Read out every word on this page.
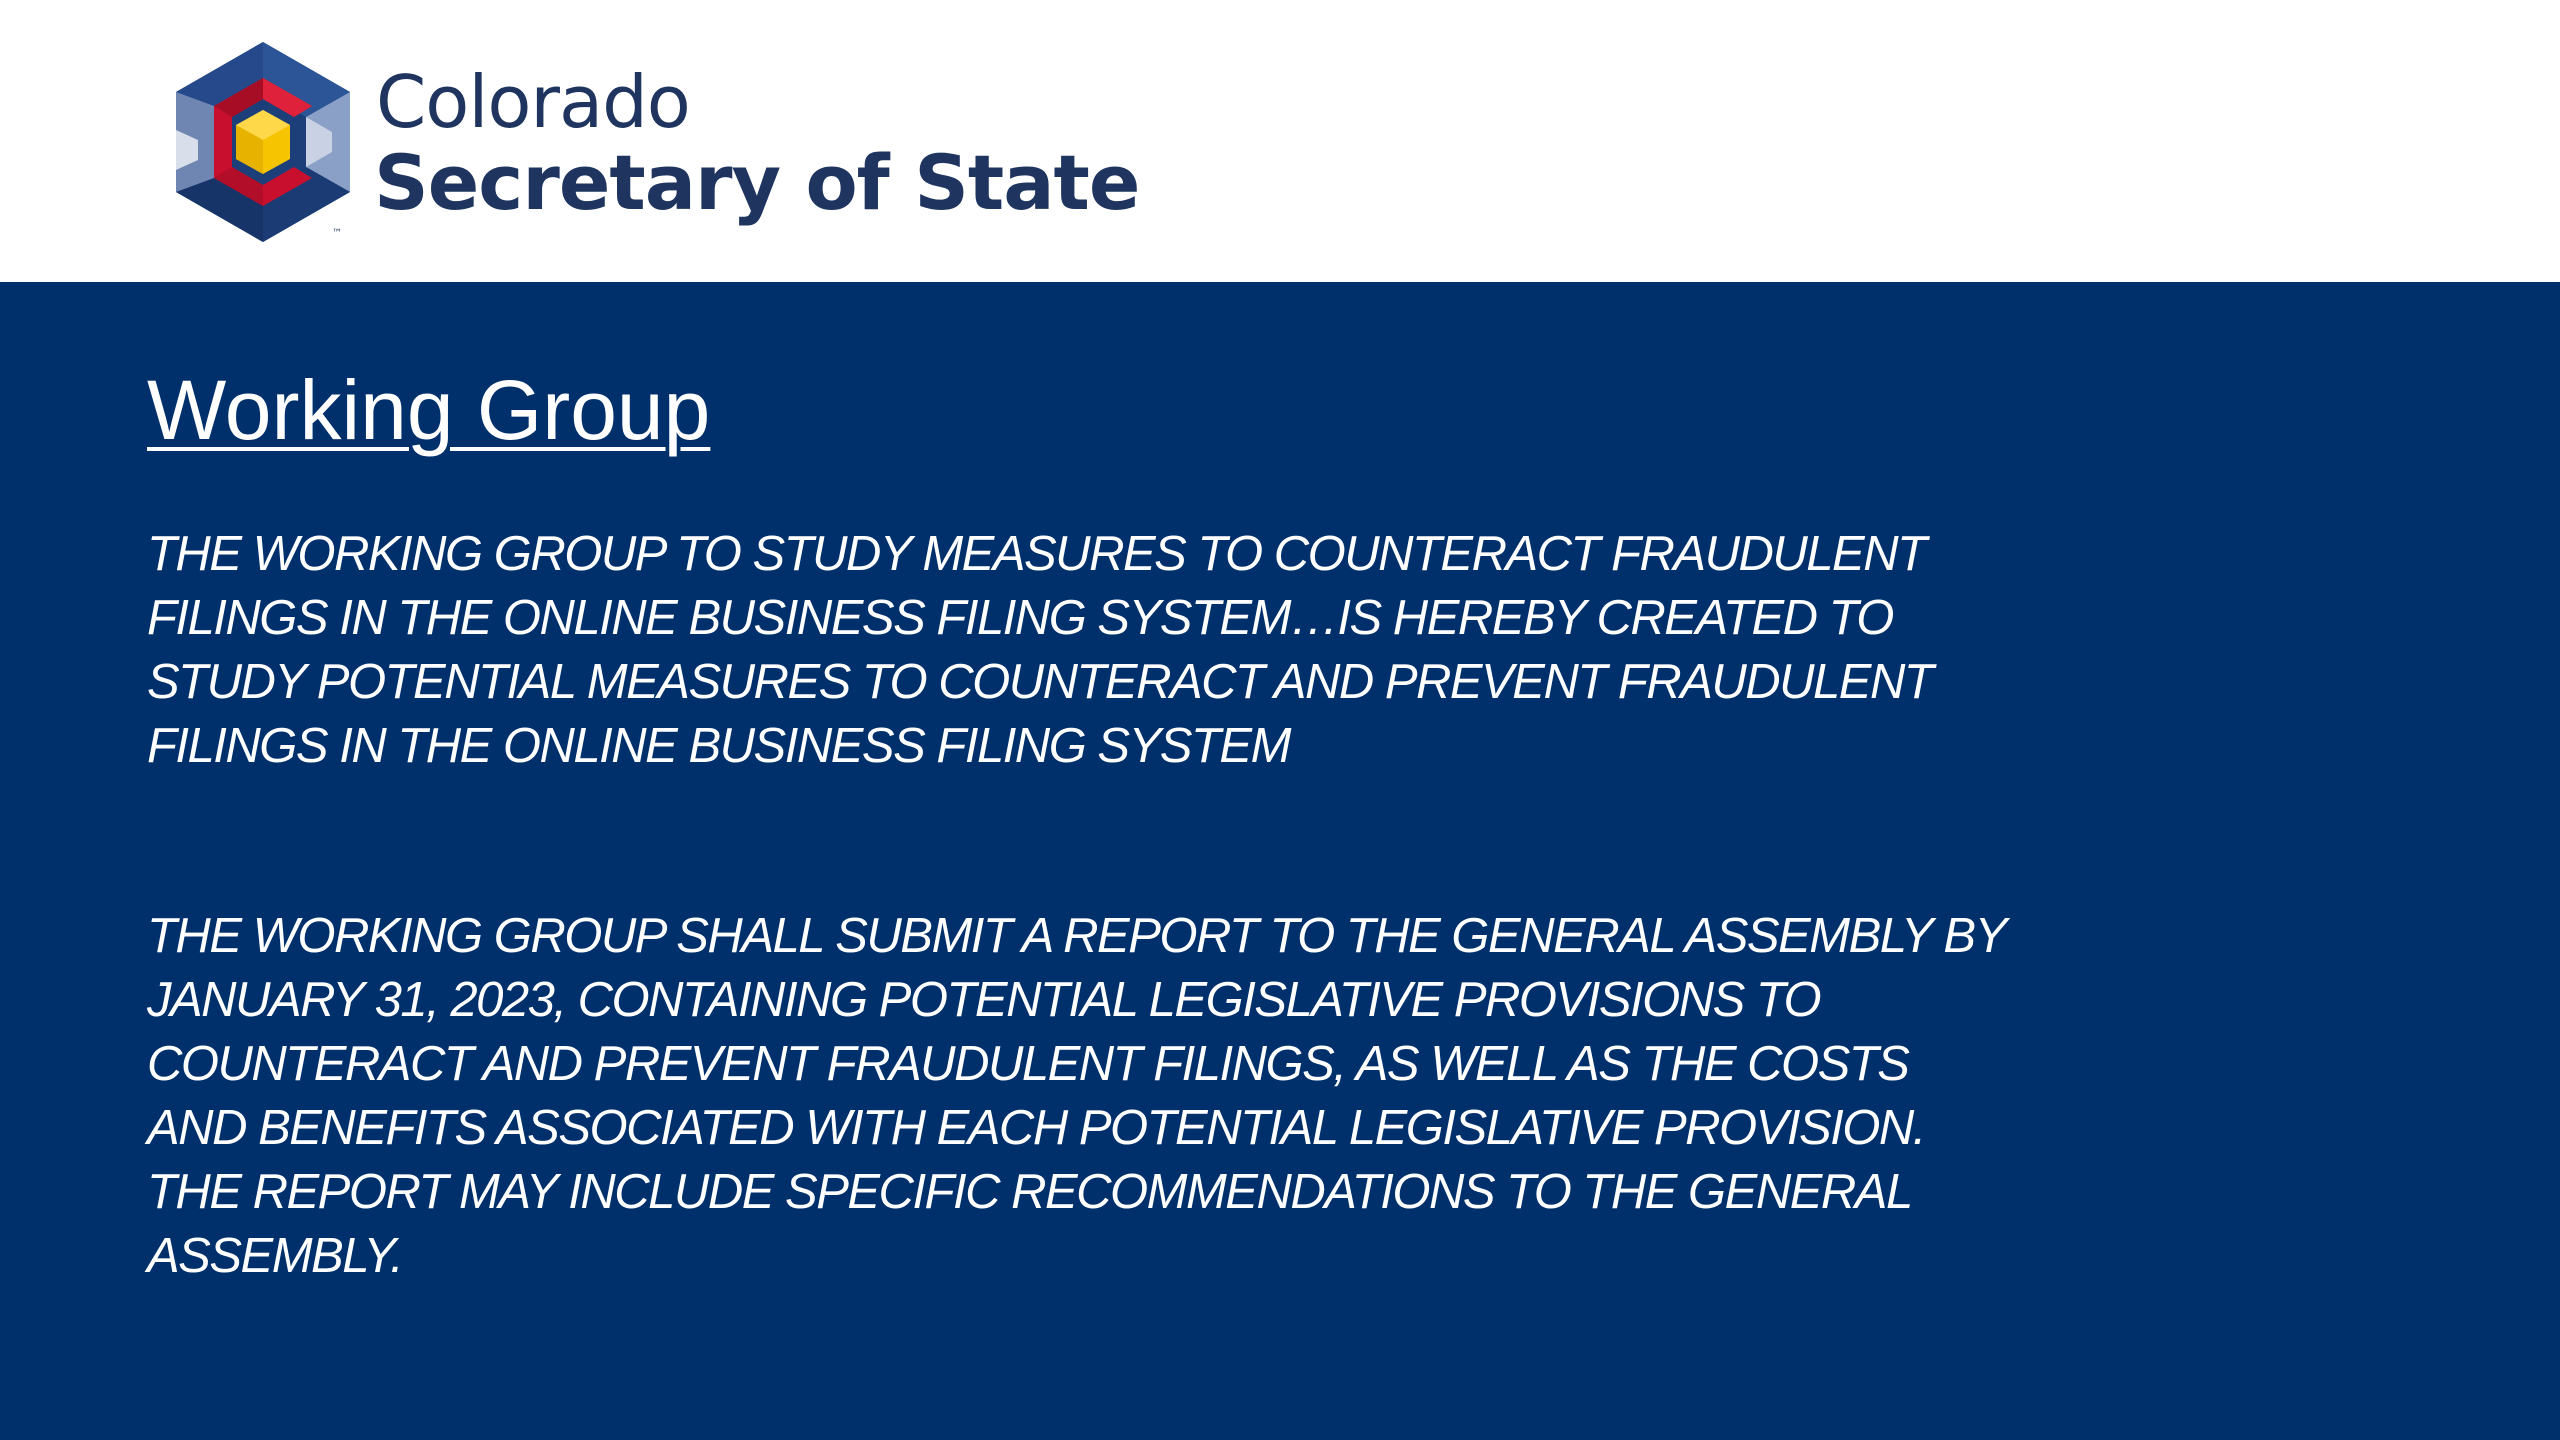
™
Colorado
Secretary of State
Working Group

THE WORKING GROUP TO STUDY MEASURES TO COUNTERACT FRAUDULENT
FILINGS IN THE ONLINE BUSINESS FILING SYSTEM…IS HEREBY CREATED TO
STUDY POTENTIAL MEASURES TO COUNTERACT AND PREVENT FRAUDULENT
FILINGS IN THE ONLINE BUSINESS FILING SYSTEM

THE WORKING GROUP SHALL SUBMIT A REPORT TO THE GENERAL ASSEMBLY BY
JANUARY 31, 2023, CONTAINING POTENTIAL LEGISLATIVE PROVISIONS TO
COUNTERACT AND PREVENT FRAUDULENT FILINGS, AS WELL AS THE COSTS
AND BENEFITS ASSOCIATED WITH EACH POTENTIAL LEGISLATIVE PROVISION.
THE REPORT MAY INCLUDE SPECIFIC RECOMMENDATIONS TO THE GENERAL
ASSEMBLY.
